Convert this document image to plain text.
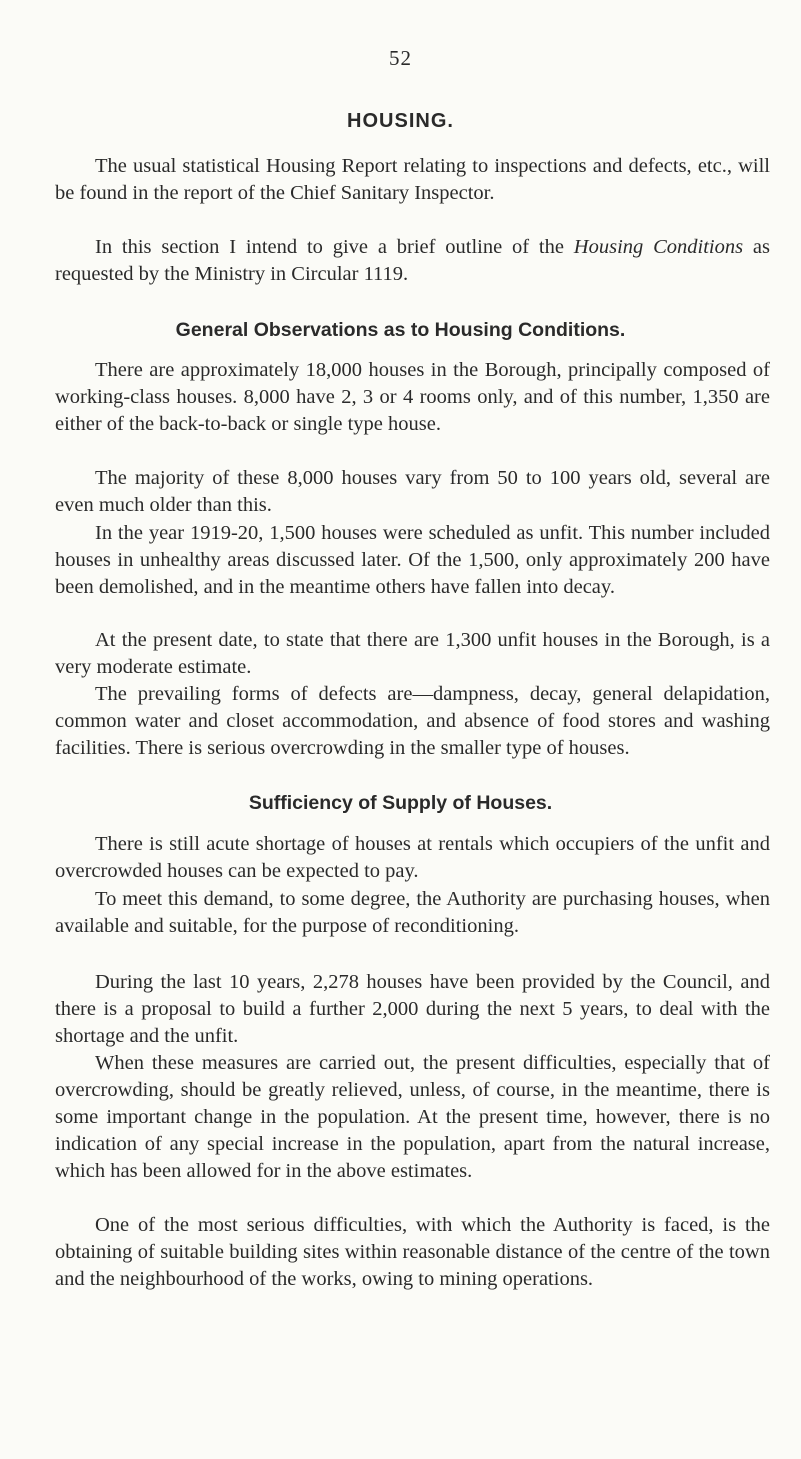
52
HOUSING.

The usual statistical Housing Report relating to inspections and defects, etc., will be found in the report of the Chief Sanitary Inspector.

In this section I intend to give a brief outline of the Housing Conditions as requested by the Ministry in Circular 1119.

General Observations as to Housing Conditions.

There are approximately 18,000 houses in the Borough, principally composed of working-class houses. 8,000 have 2, 3 or 4 rooms only, and of this number, 1,350 are either of the back-to-back or single type house.

The majority of these 8,000 houses vary from 50 to 100 years old, several are even much older than this.

In the year 1919-20, 1,500 houses were scheduled as unfit. This number included houses in unhealthy areas discussed later. Of the 1,500, only approximately 200 have been demolished, and in the meantime others have fallen into decay.

At the present date, to state that there are 1,300 unfit houses in the Borough, is a very moderate estimate.

The prevailing forms of defects are—dampness, decay, general delapidation, common water and closet accommodation, and absence of food stores and washing facilities. There is serious overcrowding in the smaller type of houses.

Sufficiency of Supply of Houses.

There is still acute shortage of houses at rentals which occupiers of the unfit and overcrowded houses can be expected to pay.

To meet this demand, to some degree, the Authority are purchasing houses, when available and suitable, for the purpose of reconditioning.

During the last 10 years, 2,278 houses have been provided by the Council, and there is a proposal to build a further 2,000 during the next 5 years, to deal with the shortage and the unfit.

When these measures are carried out, the present difficulties, especially that of overcrowding, should be greatly relieved, unless, of course, in the meantime, there is some important change in the population. At the present time, however, there is no indication of any special increase in the population, apart from the natural increase, which has been allowed for in the above estimates.

One of the most serious difficulties, with which the Authority is faced, is the obtaining of suitable building sites within reasonable distance of the centre of the town and the neighbourhood of the works, owing to mining operations.
